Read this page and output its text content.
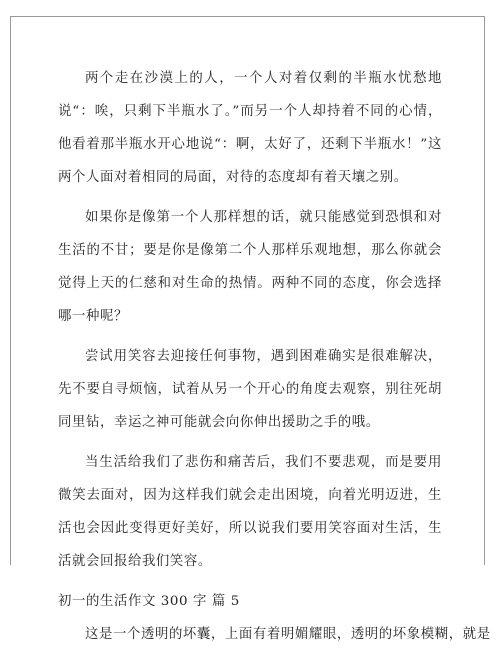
两个走在沙漠上的人，一个人对着仅剩的半瓶水忧愁地说“：唉，只剩下半瓶水了。”而另一个人却持着不同的心情，他看着那半瓶水开心地说“：啊，太好了，还剩下半瓶水！”这两个人面对着相同的局面，对待的态度却有着天壤之别。

如果你是像第一个人那样想的话，就只能感觉到恐惧和对生活的不甘；要是你是像第二个人那样乐观地想，那么你就会觉得上天的仁慈和对生命的热情。两种不同的态度，你会选择哪一种呢？

尝试用笑容去迎接任何事物，遇到困难确实是很难解决，先不要自寻烦恼，试着从另一个开心的角度去观察，别往死胡同里钻，幸运之神可能就会向你伸出援助之手的哦。

当生活给我们了悲伤和痛苦后，我们不要悲观，而是要用微笑去面对，因为这样我们就会走出困境，向着光明迈进，生活也会因此变得更好美好，所以说我们要用笑容面对生活，生活就会回报给我们笑容。

初一的生活作文 300 字 篇 5

这是一个透明的坏囊，上面有着明媚耀眼，透明的坏象模糊，就是
